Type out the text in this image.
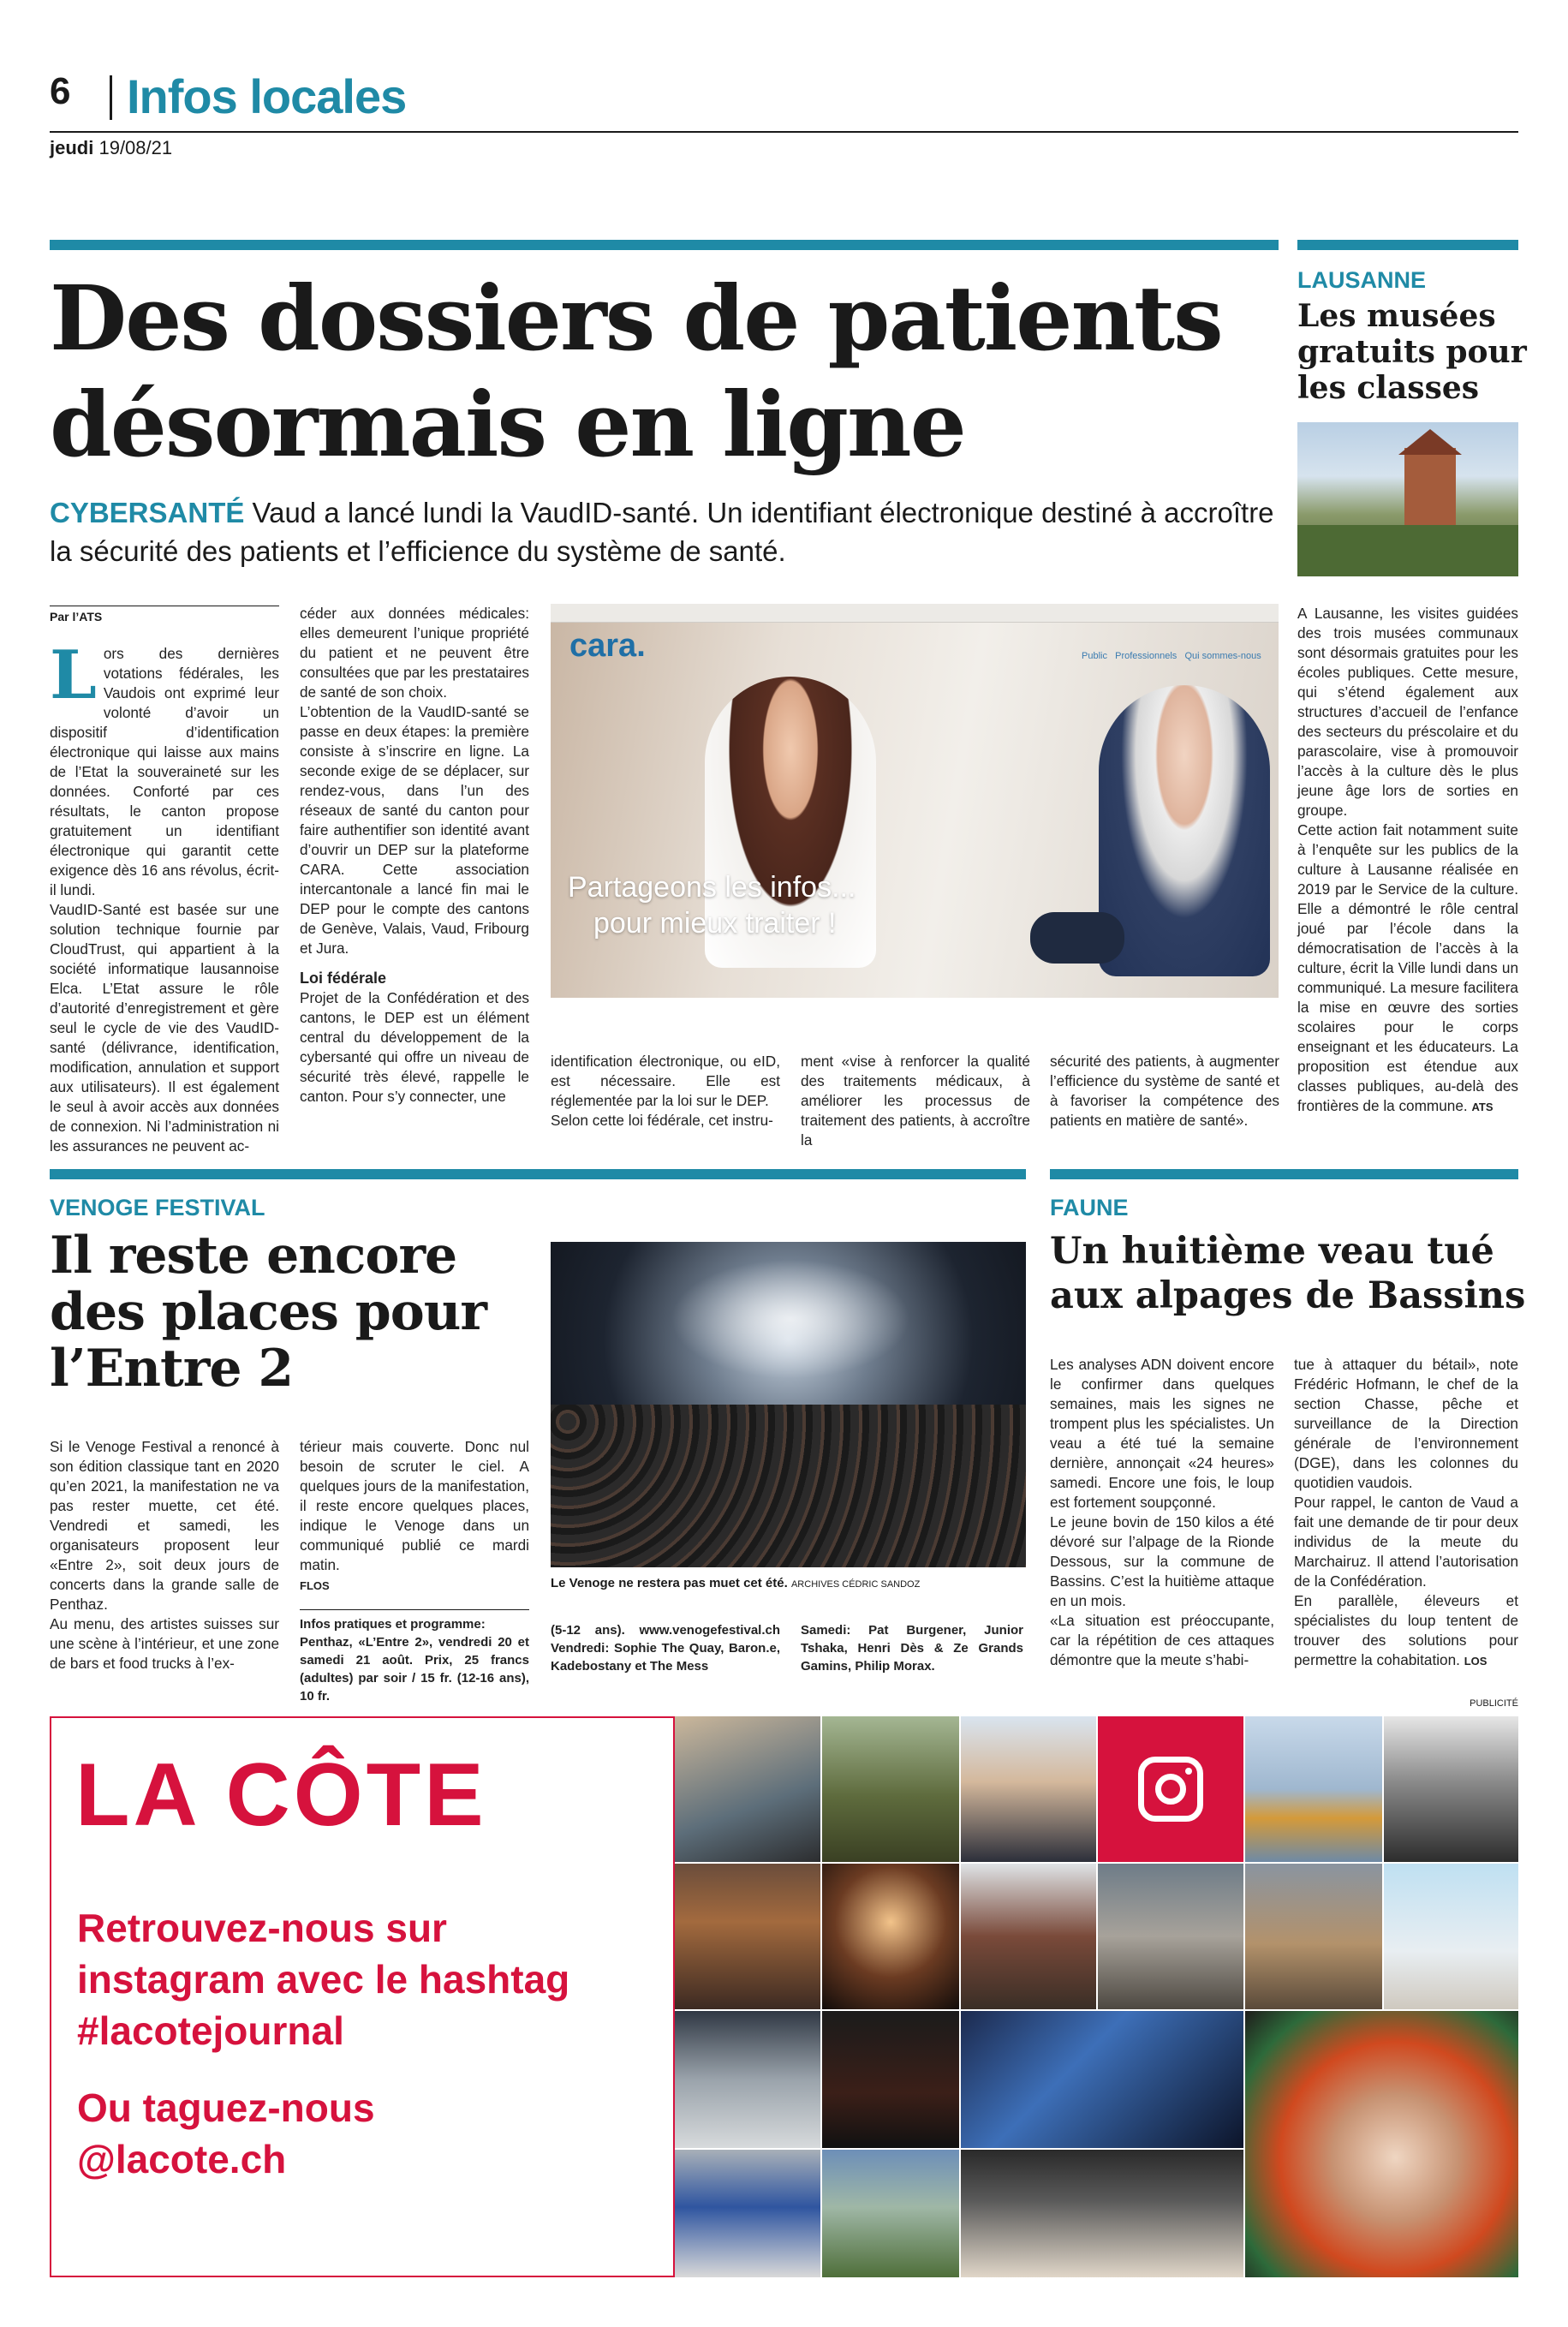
6 Infos locales
jeudi 19/08/21
Des dossiers de patients
désormais en ligne
CYBERSANTÉ Vaud a lancé lundi la VaudID-santé. Un identifiant électronique destiné à accroître la sécurité des patients et l’efficience du système de santé.
Par l’ATS

Lors des dernières votations fédérales, les Vaudois ont exprimé leur volonté d’avoir un dispositif d’identification électronique qui laisse aux mains de l’Etat la souveraineté sur les données. Conforté par ces résultats, le canton propose gratuitement un identifiant électronique qui garantit cette exigence dès 16 ans révolus, écrit-il lundi.

VaudID-Santé est basée sur une solution technique fournie par CloudTrust, qui appartient à la société informatique lausannoise Elca. L’Etat assure le rôle d’autorité d’enregistrement et gère seul le cycle de vie des VaudID-santé (délivrance, identification, modification, annulation et support aux utilisateurs). Il est également le seul à avoir accès aux données de connexion. Ni l’administration ni les assurances ne peuvent ac-

céder aux données médicales: elles demeurent l’unique propriété du patient et ne peuvent être consultées que par les prestataires de santé de son choix.

L’obtention de la VaudID-santé se passe en deux étapes: la première consiste à s’inscrire en ligne. La seconde exige de se déplacer, sur rendez-vous, dans l’un des réseaux de santé du canton pour faire authentifier son identité avant d’ouvrir un DEP sur la plateforme CARA. Cette association intercantonale a lancé fin mai le DEP pour le compte des cantons de Genève, Valais, Vaud, Fribourg et Jura.

Loi fédérale

Projet de la Confédération et des cantons, le DEP est un élément central du développement de la cybersanté qui offre un niveau de sécurité très élevé, rappelle le canton. Pour s’y connecter, une

cara.	Public   Professionnels   Qui sommes-nous
Partageons les infos...
pour mieux traiter !

identification électronique, ou eID, est nécessaire. Elle est réglementée par la loi sur le DEP.

Selon cette loi fédérale, cet instru-

ment «vise à renforcer la qualité des traitements médicaux, à améliorer les processus de traitement des patients, à accroître la

sécurité des patients, à augmenter l’efficience du système de santé et à favoriser la compétence des patients en matière de santé».

LAUSANNE
Les musées
gratuits pour
les classes

A Lausanne, les visites guidées des trois musées communaux sont désormais gratuites pour les écoles publiques. Cette mesure, qui s’étend également aux structures d’accueil de l’enfance des secteurs du préscolaire et du parascolaire, vise à promouvoir l’accès à la culture dès le plus jeune âge lors de sorties en groupe.

Cette action fait notamment suite à l’enquête sur les publics de la culture à Lausanne réalisée en 2019 par le Service de la culture. Elle a démontré le rôle central joué par l’école dans la démocratisation de l’accès à la culture, écrit la Ville lundi dans un communiqué. La mesure facilitera la mise en œuvre des sorties scolaires pour le corps enseignant et les éducateurs. La proposition est étendue aux classes publiques, au-delà des frontières de la commune. ATS

VENOGE FESTIVAL
Il reste encore
des places pour
l’Entre 2

Si le Venoge Festival a renoncé à son édition classique tant en 2020 qu’en 2021, la manifestation ne va pas rester muette, cet été. Vendredi et samedi, les organisateurs proposent leur «Entre 2», soit deux jours de concerts dans la grande salle de Penthaz.

Au menu, des artistes suisses sur une scène à l’intérieur, et une zone de bars et food trucks à l’ex-

térieur mais couverte. Donc nul besoin de scruter le ciel. A quelques jours de la manifestation, il reste encore quelques places, indique le Venoge dans un communiqué publié ce mardi matin.
FLOS

Infos pratiques et programme:

Penthaz, «L’Entre 2», vendredi 20 et samedi 21 août. Prix, 25 francs (adultes) par soir / 15 fr. (12-16 ans), 10 fr.

Le Venoge ne restera pas muet cet été. ARCHIVES CÉDRIC SANDOZ

(5-12 ans). www.venogefestival.ch Vendredi: Sophie The Quay, Baron.e, Kadebostany et The Mess

Samedi: Pat Burgener, Junior Tshaka, Henri Dès & Ze Grands Gamins, Philip Morax.

FAUNE
Un huitième veau tué
aux alpages de Bassins

Les analyses ADN doivent encore le confirmer dans quelques semaines, mais les signes ne trompent plus les spécialistes. Un veau a été tué la semaine dernière, annonçait «24 heures» samedi. Encore une fois, le loup est fortement soupçonné.

Le jeune bovin de 150 kilos a été dévoré sur l’alpage de la Rionde Dessous, sur la commune de Bassins. C’est la huitième attaque en un mois.

«La situation est préoccupante, car la répétition de ces attaques démontre que la meute s’habi-

tue à attaquer du bétail», note Frédéric Hofmann, le chef de la section Chasse, pêche et surveillance de la Direction générale de l’environnement (DGE), dans les colonnes du quotidien vaudois.

Pour rappel, le canton de Vaud a fait une demande de tir pour deux individus de la meute du Marchairuz. Il attend l’autorisation de la Confédération.

En parallèle, éleveurs et spécialistes du loup tentent de trouver des solutions pour permettre la cohabitation. LOS

PUBLICITÉ
LA CÔTE
Retrouvez-nous sur
instagram avec le hashtag
#lacotejournal
Ou taguez-nous
@lacote.ch
